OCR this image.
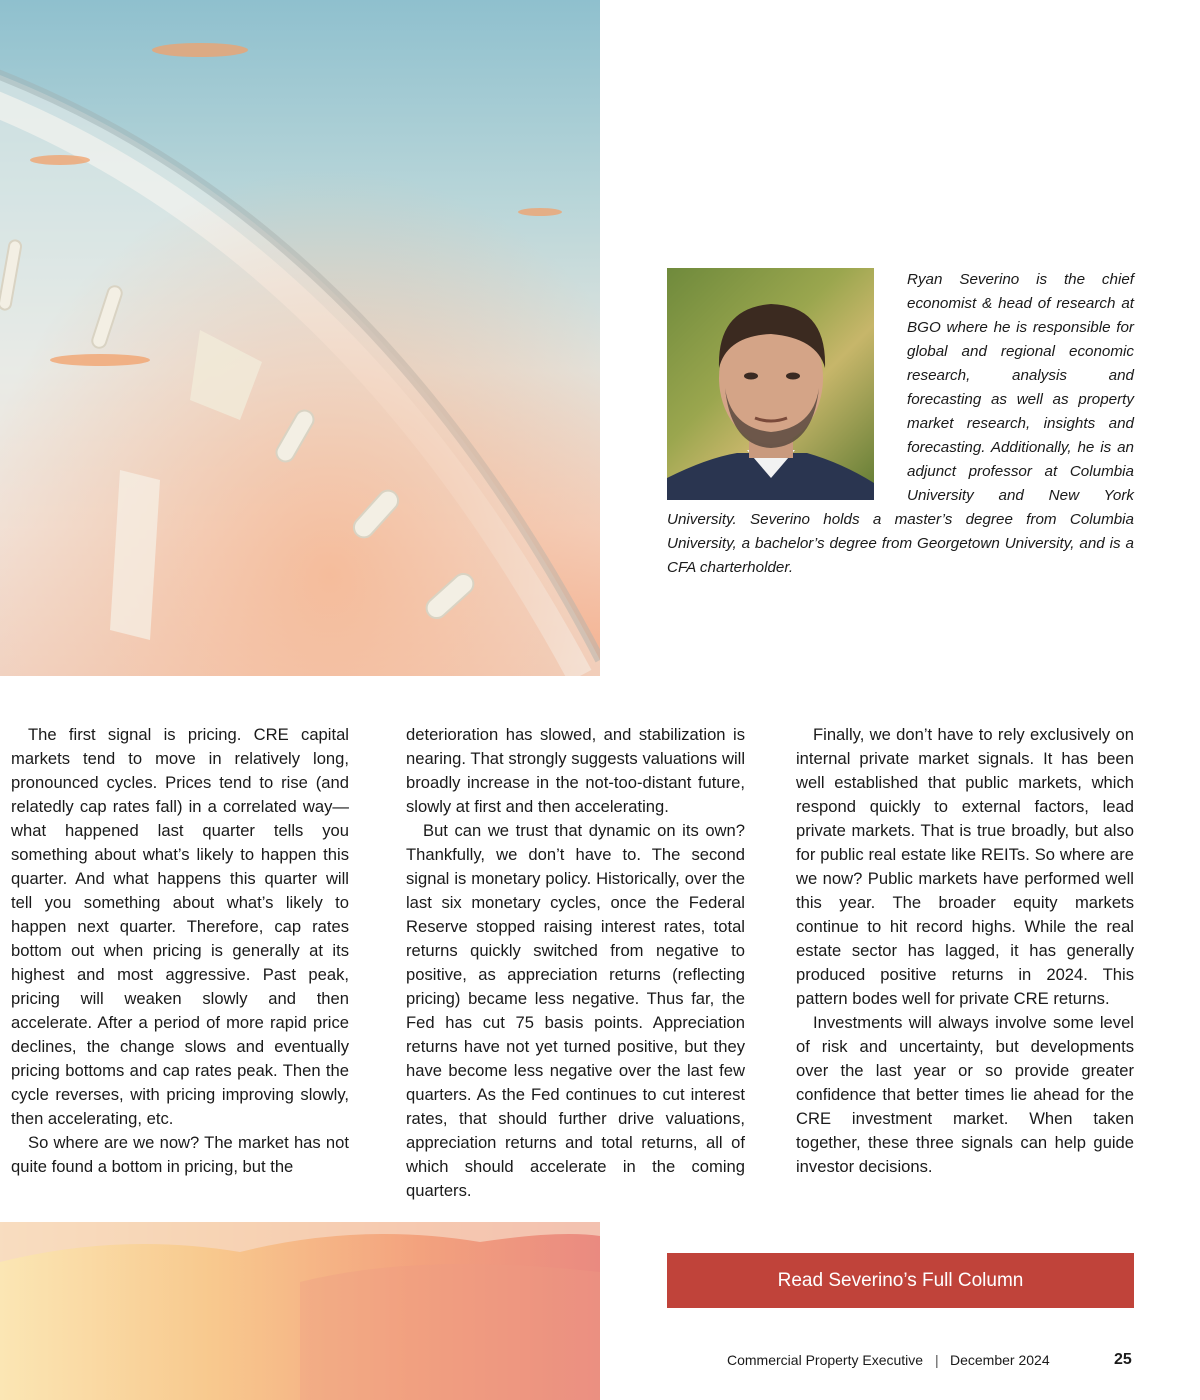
Ryan Severino is the chief economist & head of research at BGO where he is responsible for global and regional economic research, analysis and forecasting as well as property market research, insights and forecasting. Additionally, he is an adjunct professor at Columbia University and New York University. Severino holds a master’s degree from Columbia University, a bachelor’s degree from Georgetown University, and is a CFA charterholder.

The first signal is pricing. CRE capital markets tend to move in relatively long, pronounced cycles. Prices tend to rise (and relatedly cap rates fall) in a correlated way—what happened last quarter tells you something about what’s likely to happen this quarter. And what happens this quarter will tell you something about what’s likely to happen next quarter. Therefore, cap rates bottom out when pricing is generally at its highest and most aggressive. Past peak, pricing will weaken slowly and then accelerate. After a period of more rapid price declines, the change slows and eventually pricing bottoms and cap rates peak. Then the cycle reverses, with pricing improving slowly, then accelerating, etc.

So where are we now? The market has not quite found a bottom in pricing, but the

deterioration has slowed, and stabilization is nearing. That strongly suggests valuations will broadly increase in the not-too-distant future, slowly at first and then accelerating.

But can we trust that dynamic on its own? Thankfully, we don’t have to. The second signal is monetary policy. Historically, over the last six monetary cycles, once the Federal Reserve stopped raising interest rates, total returns quickly switched from negative to positive, as appreciation returns (reflecting pricing) became less negative. Thus far, the Fed has cut 75 basis points. Appreciation returns have not yet turned positive, but they have become less negative over the last few quarters. As the Fed continues to cut interest rates, that should further drive valuations, appreciation returns and total returns, all of which should accelerate in the coming quarters.

Finally, we don’t have to rely exclusively on internal private market signals. It has been well established that public markets, which respond quickly to external factors, lead private markets. That is true broadly, but also for public real estate like REITs. So where are we now? Public markets have performed well this year. The broader equity markets continue to hit record highs. While the real estate sector has lagged, it has generally produced positive returns in 2024. This pattern bodes well for private CRE returns.

Investments will always involve some level of risk and uncertainty, but developments over the last year or so provide greater confidence that better times lie ahead for the CRE investment market. When taken together, these three signals can help guide investor decisions.

Read Severino’s Full Column
Commercial Property Executive | December 2024	25
